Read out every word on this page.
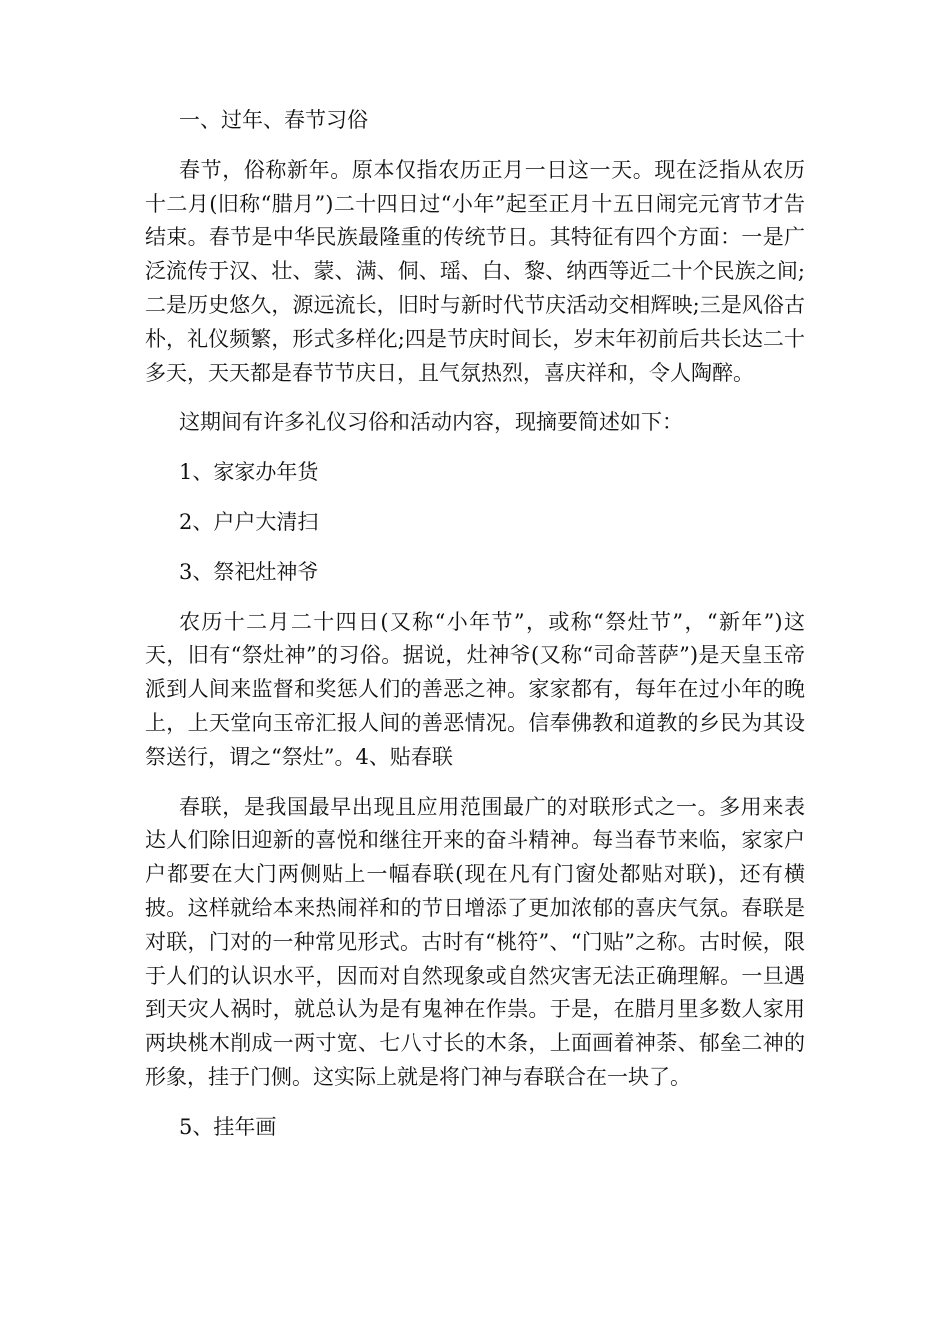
一、过年、春节习俗

春节，俗称新年。原本仅指农历正月一日这一天。现在泛指从农历十二月(旧称“腊月”)二十四日过“小年”起至正月十五日闹完元宵节才告结束。春节是中华民族最隆重的传统节日。其特征有四个方面：一是广泛流传于汉、壮、蒙、满、侗、瑶、白、黎、纳西等近二十个民族之间;二是历史悠久，源远流长，旧时与新时代节庆活动交相辉映;三是风俗古朴，礼仪频繁，形式多样化;四是节庆时间长，岁末年初前后共长达二十多天，天天都是春节节庆日，且气氛热烈，喜庆祥和，令人陶醉。

这期间有许多礼仪习俗和活动内容，现摘要简述如下：

1、家家办年货

2、户户大清扫

3、祭祀灶神爷

农历十二月二十四日(又称“小年节”，或称“祭灶节”，“新年”)这天，旧有“祭灶神”的习俗。据说，灶神爷(又称“司命菩萨”)是天皇玉帝派到人间来监督和奖惩人们的善恶之神。家家都有，每年在过小年的晚上，上天堂向玉帝汇报人间的善恶情况。信奉佛教和道教的乡民为其设祭送行，谓之“祭灶”。4、贴春联

春联，是我国最早出现且应用范围最广的对联形式之一。多用来表达人们除旧迎新的喜悦和继往开来的奋斗精神。每当春节来临，家家户户都要在大门两侧贴上一幅春联(现在凡有门窗处都贴对联)，还有横披。这样就给本来热闹祥和的节日增添了更加浓郁的喜庆气氛。春联是对联，门对的一种常见形式。古时有“桃符”、“门贴”之称。古时候，限于人们的认识水平，因而对自然现象或自然灾害无法正确理解。一旦遇到天灾人祸时，就总认为是有鬼神在作祟。于是，在腊月里多数人家用两块桃木削成一两寸宽、七八寸长的木条，上面画着神荼、郁垒二神的形象，挂于门侧。这实际上就是将门神与春联合在一块了。

5、挂年画
